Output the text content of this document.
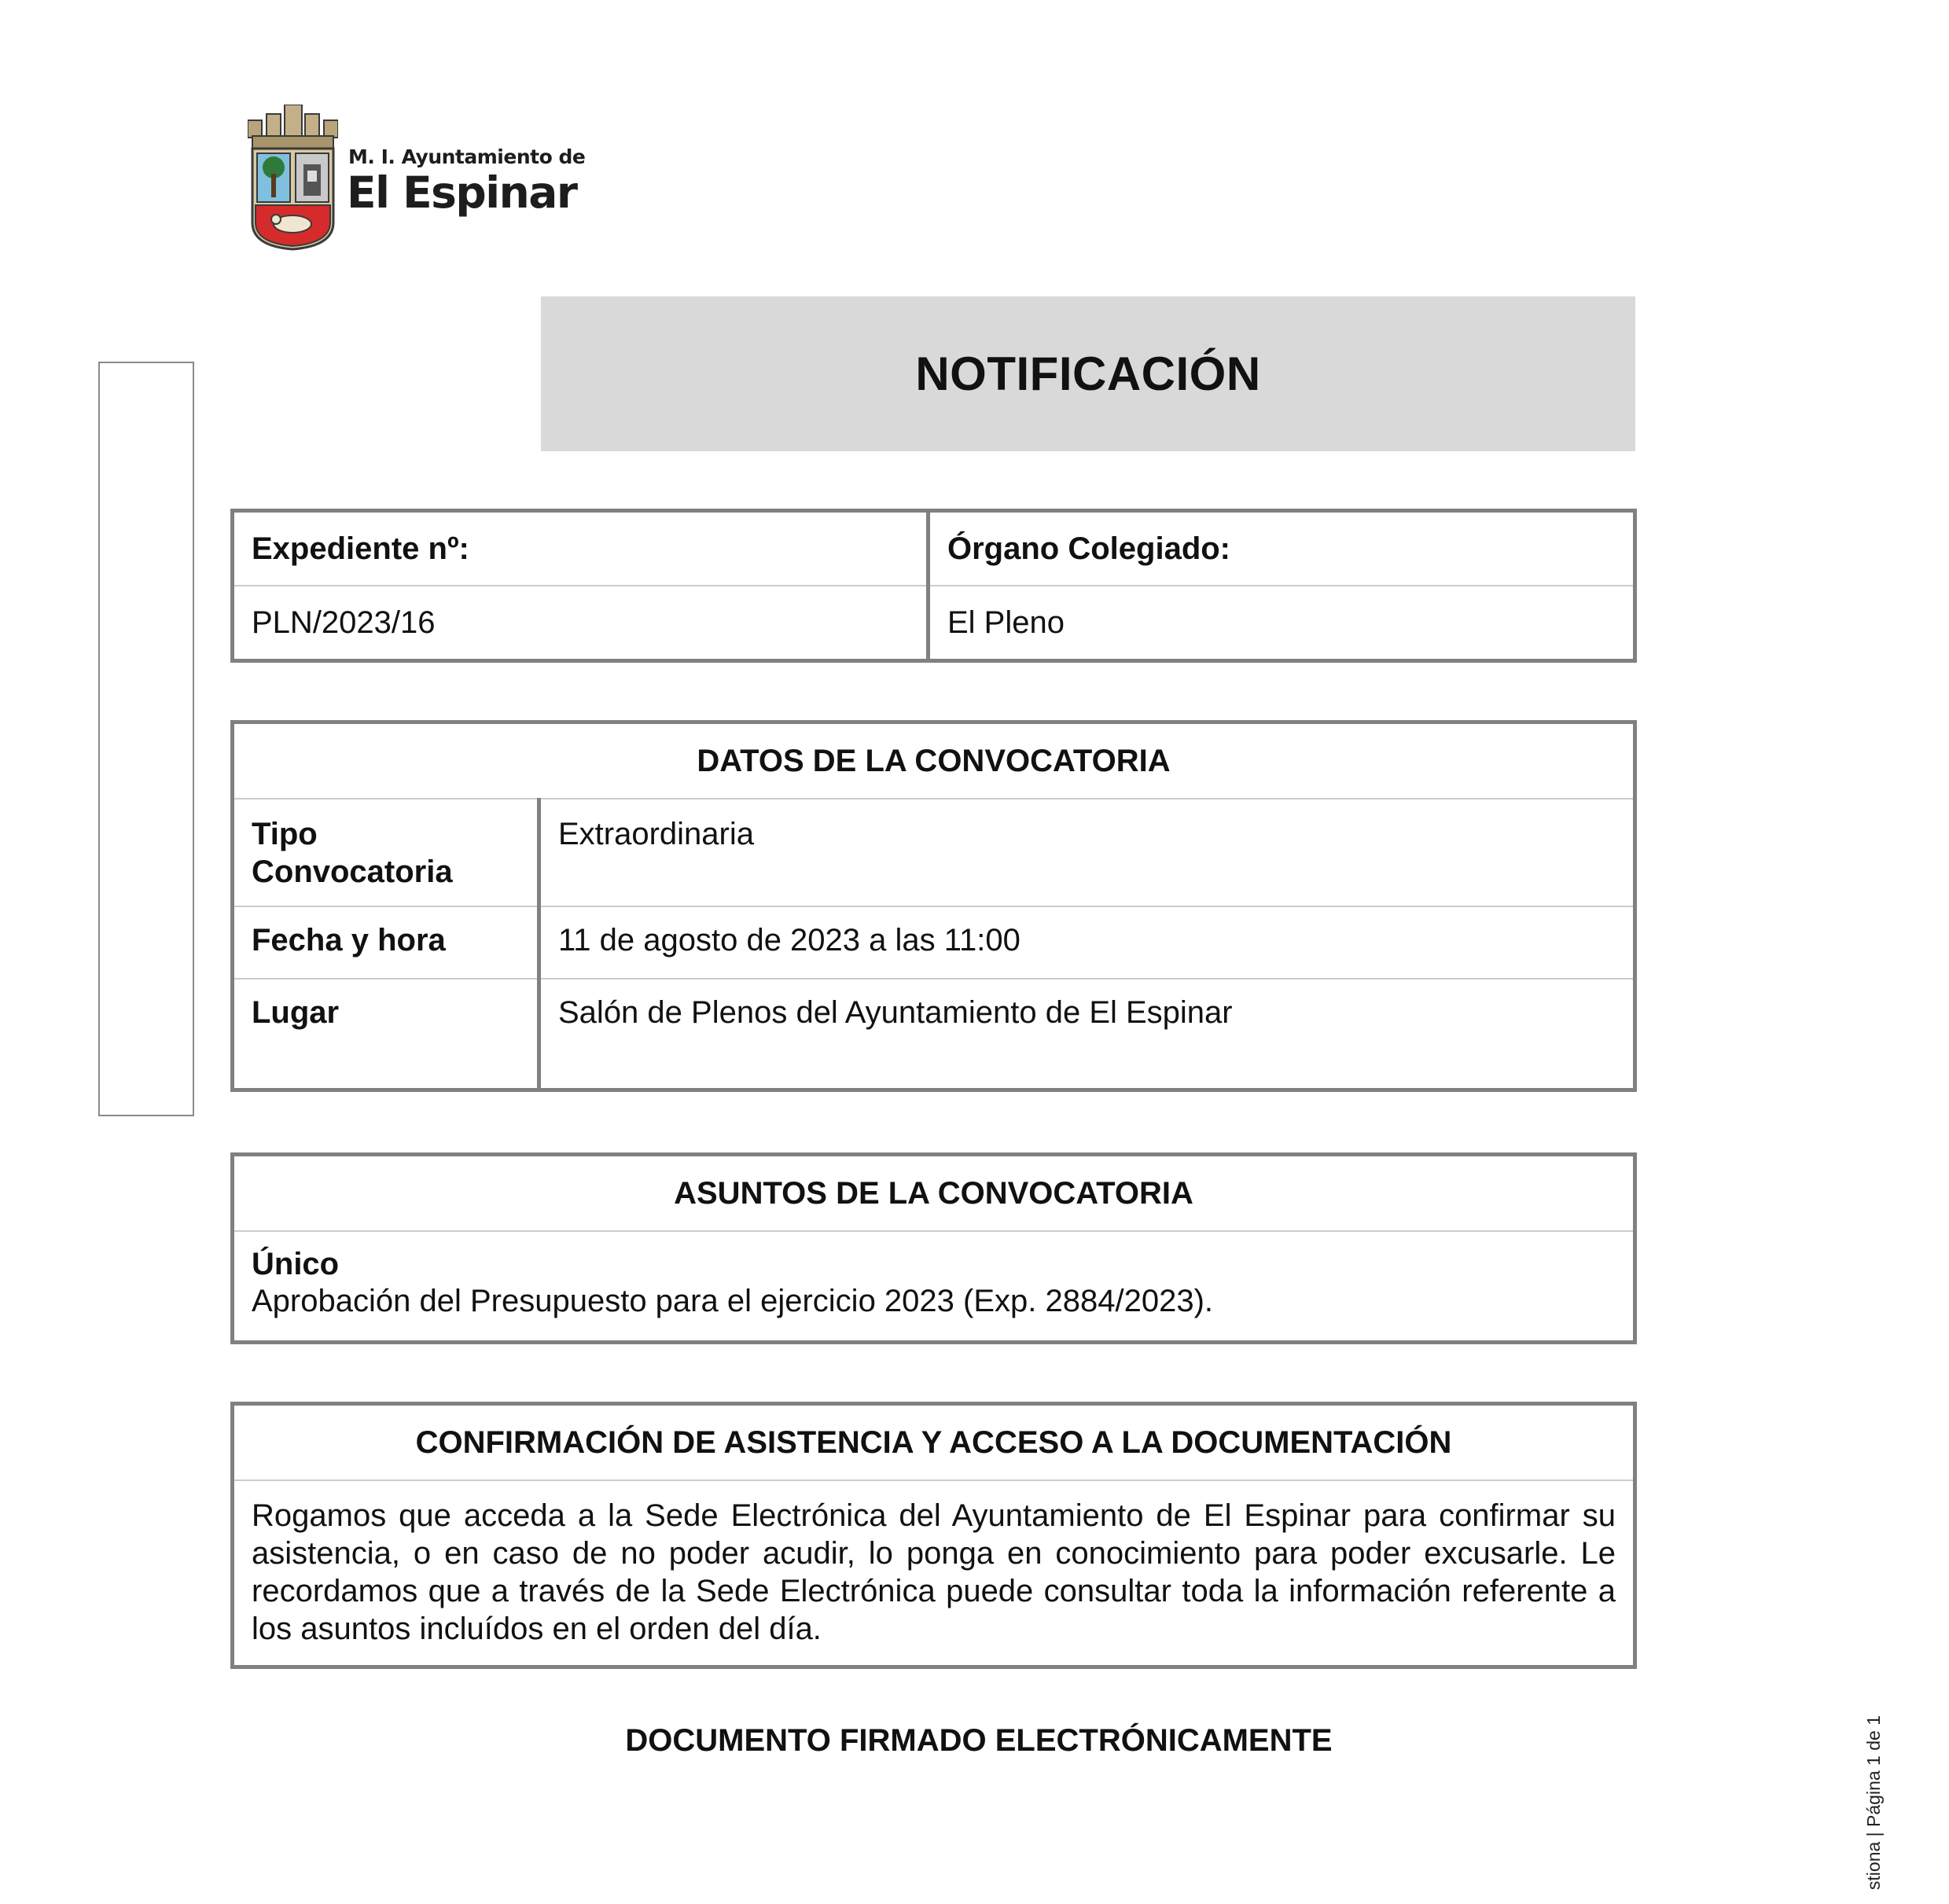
M. I. Ayuntamiento de
El Espinar
NOTIFICACIÓN
Expediente nº:	Órgano Colegiado:
PLN/2023/16	El Pleno
DATOS DE LA CONVOCATORIA	
Tipo
Convocatoria	Extraordinaria
Fecha y hora	11 de agosto de 2023 a las 11:00
Lugar	Salón de Plenos del Ayuntamiento de El Espinar
ASUNTOS DE LA CONVOCATORIA

Único
Aprobación del Presupuesto para el ejercicio 2023 (Exp. 2884/2023).
CONFIRMACIÓN DE ASISTENCIA Y ACCESO A LA DOCUMENTACIÓN
Rogamos que acceda a la Sede Electrónica del Ayuntamiento de El Espinar para confirmar su asistencia, o en caso de no poder acudir, lo ponga en conocimiento para poder excusarle. Le recordamos que a través de la Sede Electrónica puede consultar toda la información referente a los asuntos incluídos en el orden del día.
DOCUMENTO FIRMADO ELECTRÓNICAMENTE	stiona | Página 1 de 1
